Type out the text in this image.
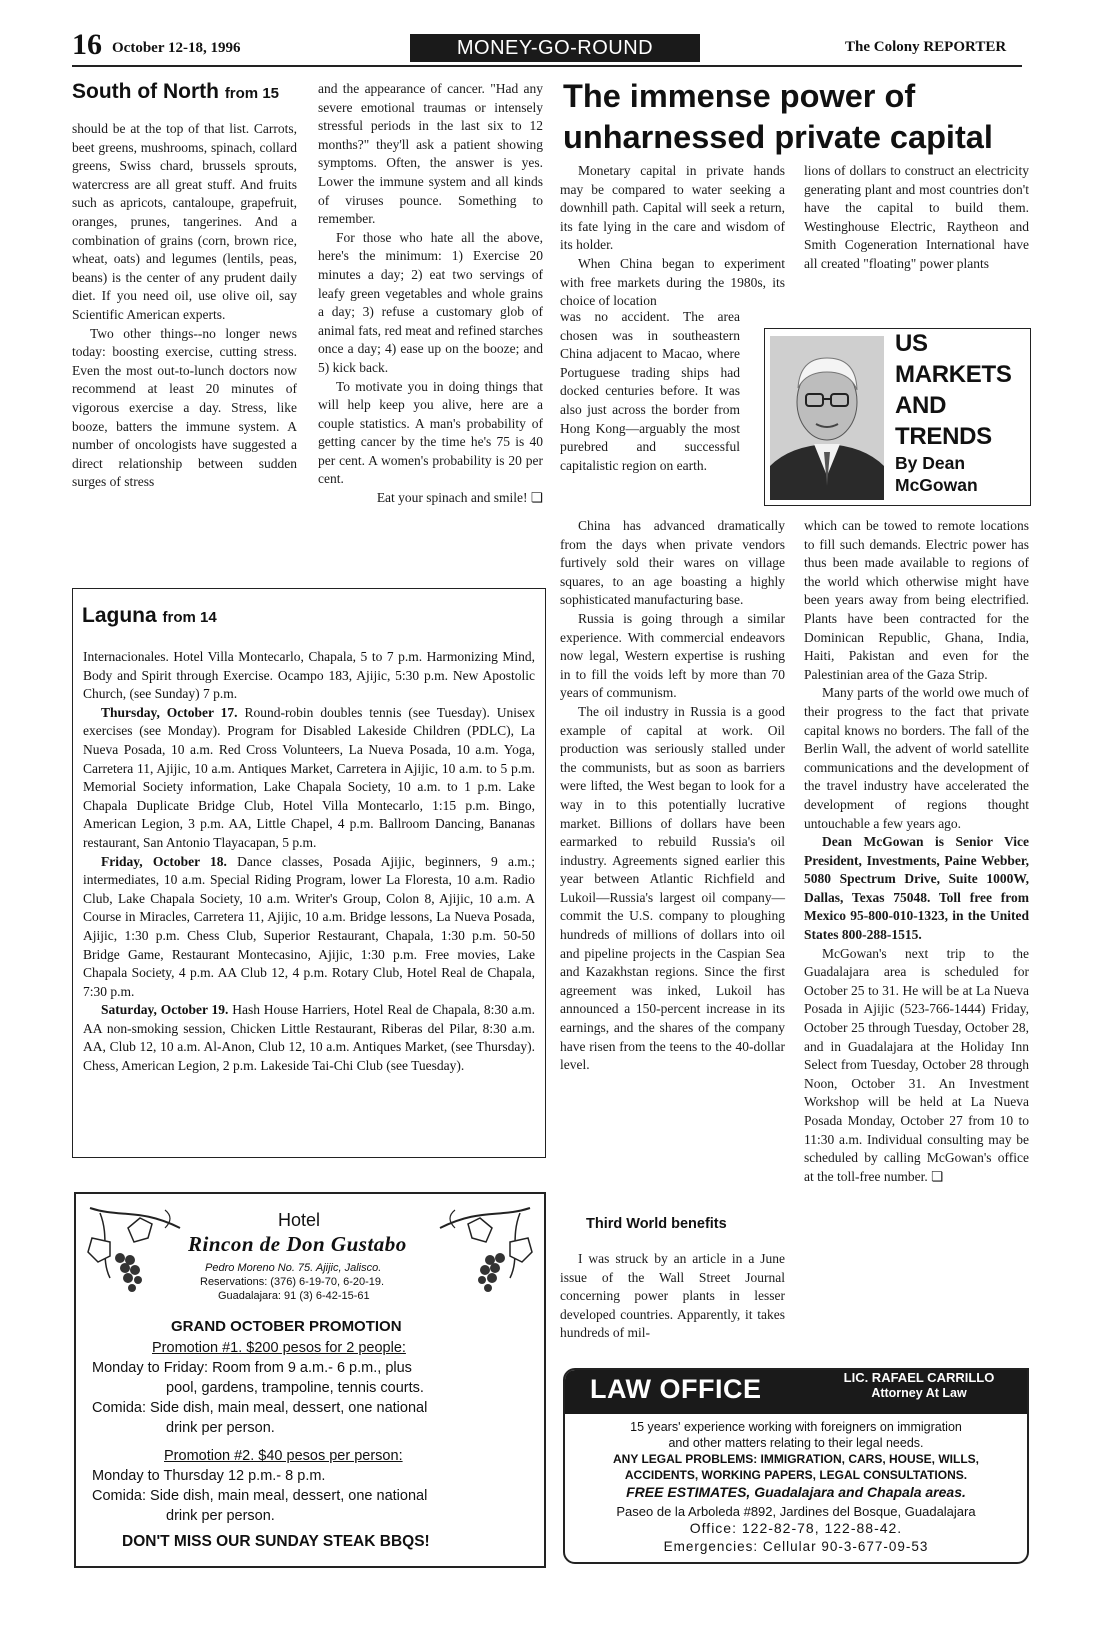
16 October 12-18, 1996	MONEY-GO-ROUND	The Colony REPORTER
South of North from 15

should be at the top of that list. Carrots, beet greens, mushrooms, spinach, collard greens, Swiss chard, brussels sprouts, watercress are all great stuff. And fruits such as apricots, cantaloupe, grapefruit, oranges, prunes, tangerines. And a combination of grains (corn, brown rice, wheat, oats) and legumes (lentils, peas, beans) is the center of any prudent daily diet. If you need oil, use olive oil, say Scientific American experts.

Two other things--no longer news today: boosting exercise, cutting stress. Even the most out-to-lunch doctors now recommend at least 20 minutes of vigorous exercise a day. Stress, like booze, batters the immune system. A number of oncologists have suggested a direct relationship between sudden surges of stress

and the appearance of cancer. "Had any severe emotional traumas or intensely stressful periods in the last six to 12 months?" they'll ask a patient showing symptoms. Often, the answer is yes. Lower the immune system and all kinds of viruses pounce. Something to remember.

For those who hate all the above, here's the minimum: 1) Exercise 20 minutes a day; 2) eat two servings of leafy green vegetables and whole grains a day; 3) refuse a customary glob of animal fats, red meat and refined starches once a day; 4) ease up on the booze; and 5) kick back.

To motivate you in doing things that will help keep you alive, here are a couple statistics. A man's probability of getting cancer by the time he's 75 is 40 per cent. A women's probability is 20 per cent.

Eat your spinach and smile! ❏

Laguna from 14

Internacionales. Hotel Villa Montecarlo, Chapala, 5 to 7 p.m. Harmonizing Mind, Body and Spirit through Exercise. Ocampo 183, Ajijic, 5:30 p.m. New Apostolic Church, (see Sunday) 7 p.m.

Thursday, October 17. Round-robin doubles tennis (see Tuesday). Unisex exercises (see Monday). Program for Disabled Lakeside Children (PDLC), La Nueva Posada, 10 a.m. Red Cross Volunteers, La Nueva Posada, 10 a.m. Yoga, Carretera 11, Ajijic, 10 a.m. Antiques Market, Carretera in Ajijic, 10 a.m. to 5 p.m. Memorial Society information, Lake Chapala Society, 10 a.m. to 1 p.m. Lake Chapala Duplicate Bridge Club, Hotel Villa Montecarlo, 1:15 p.m. Bingo, American Legion, 3 p.m. AA, Little Chapel, 4 p.m. Ballroom Dancing, Bananas restaurant, San Antonio Tlayacapan, 5 p.m.

Friday, October 18. Dance classes, Posada Ajijic, beginners, 9 a.m.; intermediates, 10 a.m. Special Riding Program, lower La Floresta, 10 a.m. Radio Club, Lake Chapala Society, 10 a.m. Writer's Group, Colon 8, Ajijic, 10 a.m. A Course in Miracles, Carretera 11, Ajijic, 10 a.m. Bridge lessons, La Nueva Posada, Ajijic, 1:30 p.m. Chess Club, Superior Restaurant, Chapala, 1:30 p.m. 50-50 Bridge Game, Restaurant Montecasino, Ajijic, 1:30 p.m. Free movies, Lake Chapala Society, 4 p.m. AA Club 12, 4 p.m. Rotary Club, Hotel Real de Chapala, 7:30 p.m.

Saturday, October 19. Hash House Harriers, Hotel Real de Chapala, 8:30 a.m. AA non-smoking session, Chicken Little Restaurant, Riberas del Pilar, 8:30 a.m. AA, Club 12, 10 a.m. Al-Anon, Club 12, 10 a.m. Antiques Market, (see Thursday). Chess, American Legion, 2 p.m. Lakeside Tai-Chi Club (see Tuesday).

Hotel
Rincon de Don Gustabo
Pedro Moreno No. 75. Ajijic, Jalisco.
Reservations: (376) 6-19-70, 6-20-19.
Guadalajara: 91 (3) 6-42-15-61
GRAND OCTOBER PROMOTION
Promotion #1. $200 pesos for 2 people:
Monday to Friday: Room from 9 a.m.- 6 p.m., plus
pool, gardens, trampoline, tennis courts.
Comida: Side dish, main meal, dessert, one national
drink per person.
Promotion #2. $40 pesos per person:
Monday to Thursday 12 p.m.- 8 p.m.
Comida: Side dish, main meal, dessert, one national
drink per person.
DON'T MISS OUR SUNDAY STEAK BBQS!
The immense power of unharnessed private capital

Monetary capital in private hands may be compared to water seeking a downhill path. Capital will seek a return, its fate lying in the care and wisdom of its holder.

When China began to experiment with free markets during the 1980s, its choice of location

was no accident. The area chosen was in southeastern China adjacent to Macao, where Portuguese trading ships had docked centuries before. It was also just across the border from Hong Kong—arguably the most purebred and successful capitalistic region on earth.

lions of dollars to construct an electricity generating plant and most countries don't have the capital to build them. Westinghouse Electric, Raytheon and Smith Cogeneration International have all created "floating" power plants

US
MARKETS
AND
TRENDS
By Dean
McGowan

China has advanced dramatically from the days when private vendors furtively sold their wares on village squares, to an age boasting a highly sophisticated manufacturing base.

Russia is going through a similar experience. With commercial endeavors now legal, Western expertise is rushing in to fill the voids left by more than 70 years of communism.

The oil industry in Russia is a good example of capital at work. Oil production was seriously stalled under the communists, but as soon as barriers were lifted, the West began to look for a way in to this potentially lucrative market. Billions of dollars have been earmarked to rebuild Russia's oil industry. Agreements signed earlier this year between Atlantic Richfield and Lukoil—Russia's largest oil company—commit the U.S. company to ploughing hundreds of millions of dollars into oil and pipeline projects in the Caspian Sea and Kazakhstan regions. Since the first agreement was inked, Lukoil has announced a 150-percent increase in its earnings, and the shares of the company have risen from the teens to the 40-dollar level.

Third World benefits

I was struck by an article in a June issue of the Wall Street Journal concerning power plants in lesser developed countries. Apparently, it takes hundreds of mil-

which can be towed to remote locations to fill such demands. Electric power has thus been made available to regions of the world which otherwise might have been years away from being electrified. Plants have been contracted for the Dominican Republic, Ghana, India, Haiti, Pakistan and even for the Palestinian area of the Gaza Strip.

Many parts of the world owe much of their progress to the fact that private capital knows no borders. The fall of the Berlin Wall, the advent of world satellite communications and the development of the travel industry have accelerated the development of regions thought untouchable a few years ago.

Dean McGowan is Senior Vice President, Investments, Paine Webber, 5080 Spectrum Drive, Suite 1000W, Dallas, Texas 75048. Toll free from Mexico 95-800-010-1323, in the United States 800-288-1515.

McGowan's next trip to the Guadalajara area is scheduled for October 25 to 31. He will be at La Nueva Posada in Ajijic (523-766-1444) Friday, October 25 through Tuesday, October 28, and in Guadalajara at the Holiday Inn Select from Tuesday, October 28 through Noon, October 31. An Investment Workshop will be held at La Nueva Posada Monday, October 27 from 10 to 11:30 a.m. Individual consulting may be scheduled by calling McGowan's office at the toll-free number. ❏

LAW OFFICE	LIC. RAFAEL CARRILLO
Attorney At Law
15 years' experience working with foreigners on immigration
and other matters relating to their legal needs.
ANY LEGAL PROBLEMS: IMMIGRATION, CARS, HOUSE, WILLS,
ACCIDENTS, WORKING PAPERS, LEGAL CONSULTATIONS.
FREE ESTIMATES, Guadalajara and Chapala areas.
Paseo de la Arboleda #892, Jardines del Bosque, Guadalajara
Office: 122-82-78, 122-88-42.
Emergencies: Cellular 90-3-677-09-53
